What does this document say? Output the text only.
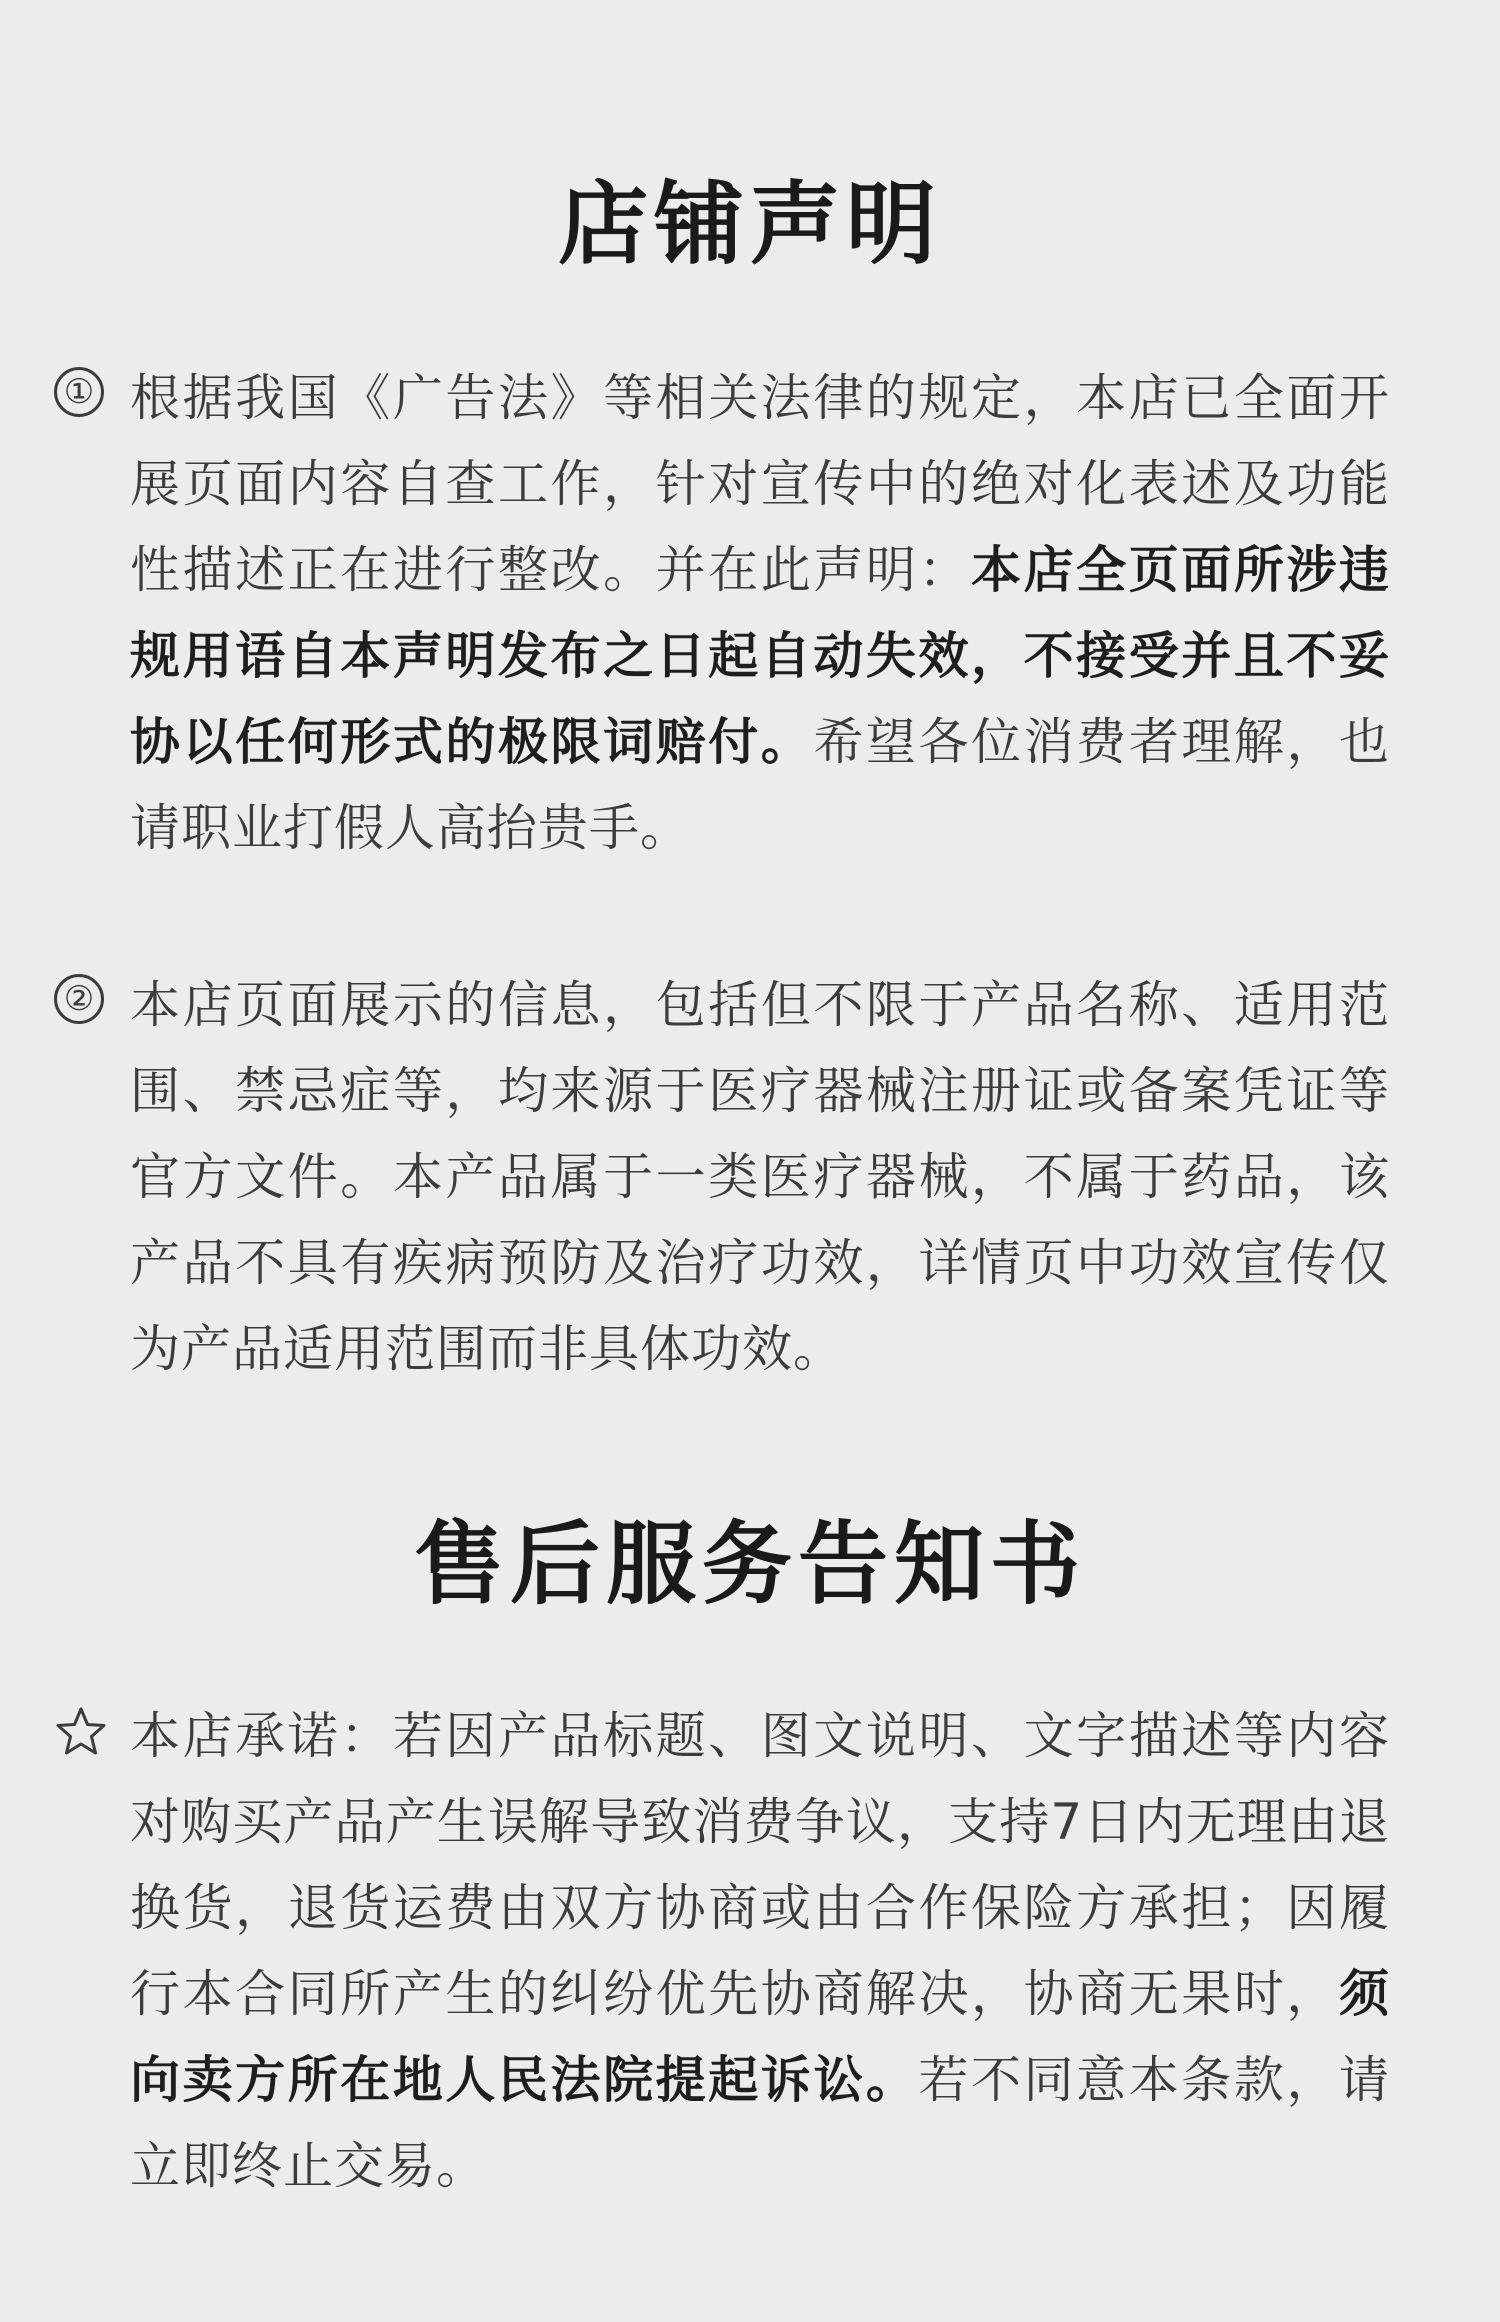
店铺声明
① 根据我国《广告法》等相关法律的规定，本店已全面开展页面内容自查工作，针对宣传中的绝对化表述及功能性描述正在进行整改。并在此声明：本店全页面所涉违规用语自本声明发布之日起自动失效，不接受并且不妥协以任何形式的极限词赔付。希望各位消费者理解，也请职业打假人高抬贵手。
② 本店页面展示的信息，包括但不限于产品名称、适用范围、禁忌症等，均来源于医疗器械注册证或备案凭证等官方文件。本产品属于一类医疗器械，不属于药品，该产品不具有疾病预防及治疗功效，详情页中功效宣传仅为产品适用范围而非具体功效。
售后服务告知书
本店承诺：若因产品标题、图文说明、文字描述等内容对购买产品产生误解导致消费争议，支持7日内无理由退换货，退货运费由双方协商或由合作保险方承担；因履行本合同所产生的纠纷优先协商解决，协商无果时，须向卖方所在地人民法院提起诉讼。若不同意本条款，请立即终止交易。
